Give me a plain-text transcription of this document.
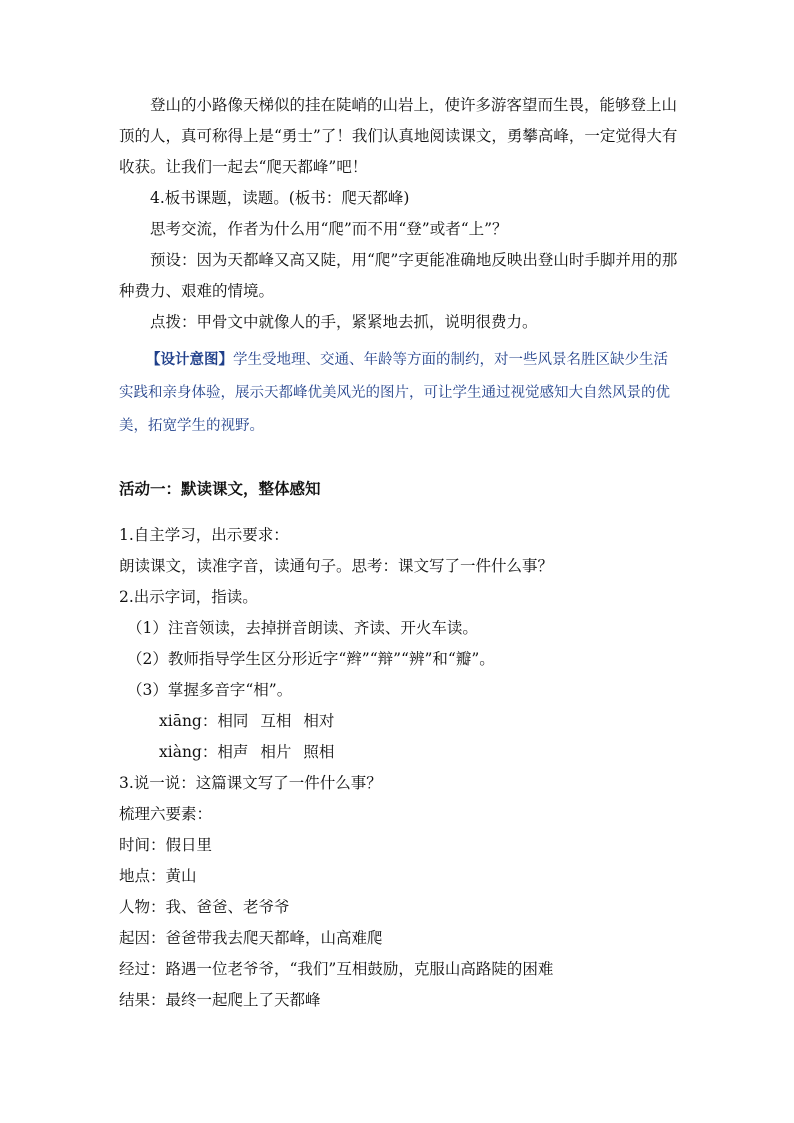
登山的小路像天梯似的挂在陡峭的山岩上，使许多游客望而生畏，能够登上山顶的人，真可称得上是“勇士”了！我们认真地阅读课文，勇攀高峰，一定觉得大有收获。让我们一起去“爬天都峰”吧！

4.板书课题，读题。(板书：爬天都峰)

思考交流，作者为什么用“爬”而不用“登”或者“上”？

预设：因为天都峰又高又陡，用“爬”字更能准确地反映出登山时手脚并用的那种费力、艰难的情境。

点拨：甲骨文中就像人的手，紧紧地去抓，说明很费力。

【设计意图】学生受地理、交通、年龄等方面的制约，对一些风景名胜区缺少生活实践和亲身体验，展示天都峰优美风光的图片，可让学生通过视觉感知大自然风景的优美，拓宽学生的视野。

活动一：默读课文，整体感知

1.自主学习，出示要求：

朗读课文，读准字音，读通句子。思考：课文写了一件什么事？

2.出示字词，指读。

（1）注音领读，去掉拼音朗读、齐读、开火车读。

（2）教师指导学生区分形近字“辫”“辩”“辨”和“瓣”。

（3）掌握多音字“相”。

xiāng：相同 互相 相对

xiàng：相声 相片 照相

3.说一说：这篇课文写了一件什么事？

梳理六要素：

时间：假日里
地点：黄山
人物：我、爸爸、老爷爷
起因：爸爸带我去爬天都峰，山高难爬
经过：路遇一位老爷爷，“我们”互相鼓励，克服山高路陡的困难
结果：最终一起爬上了天都峰
